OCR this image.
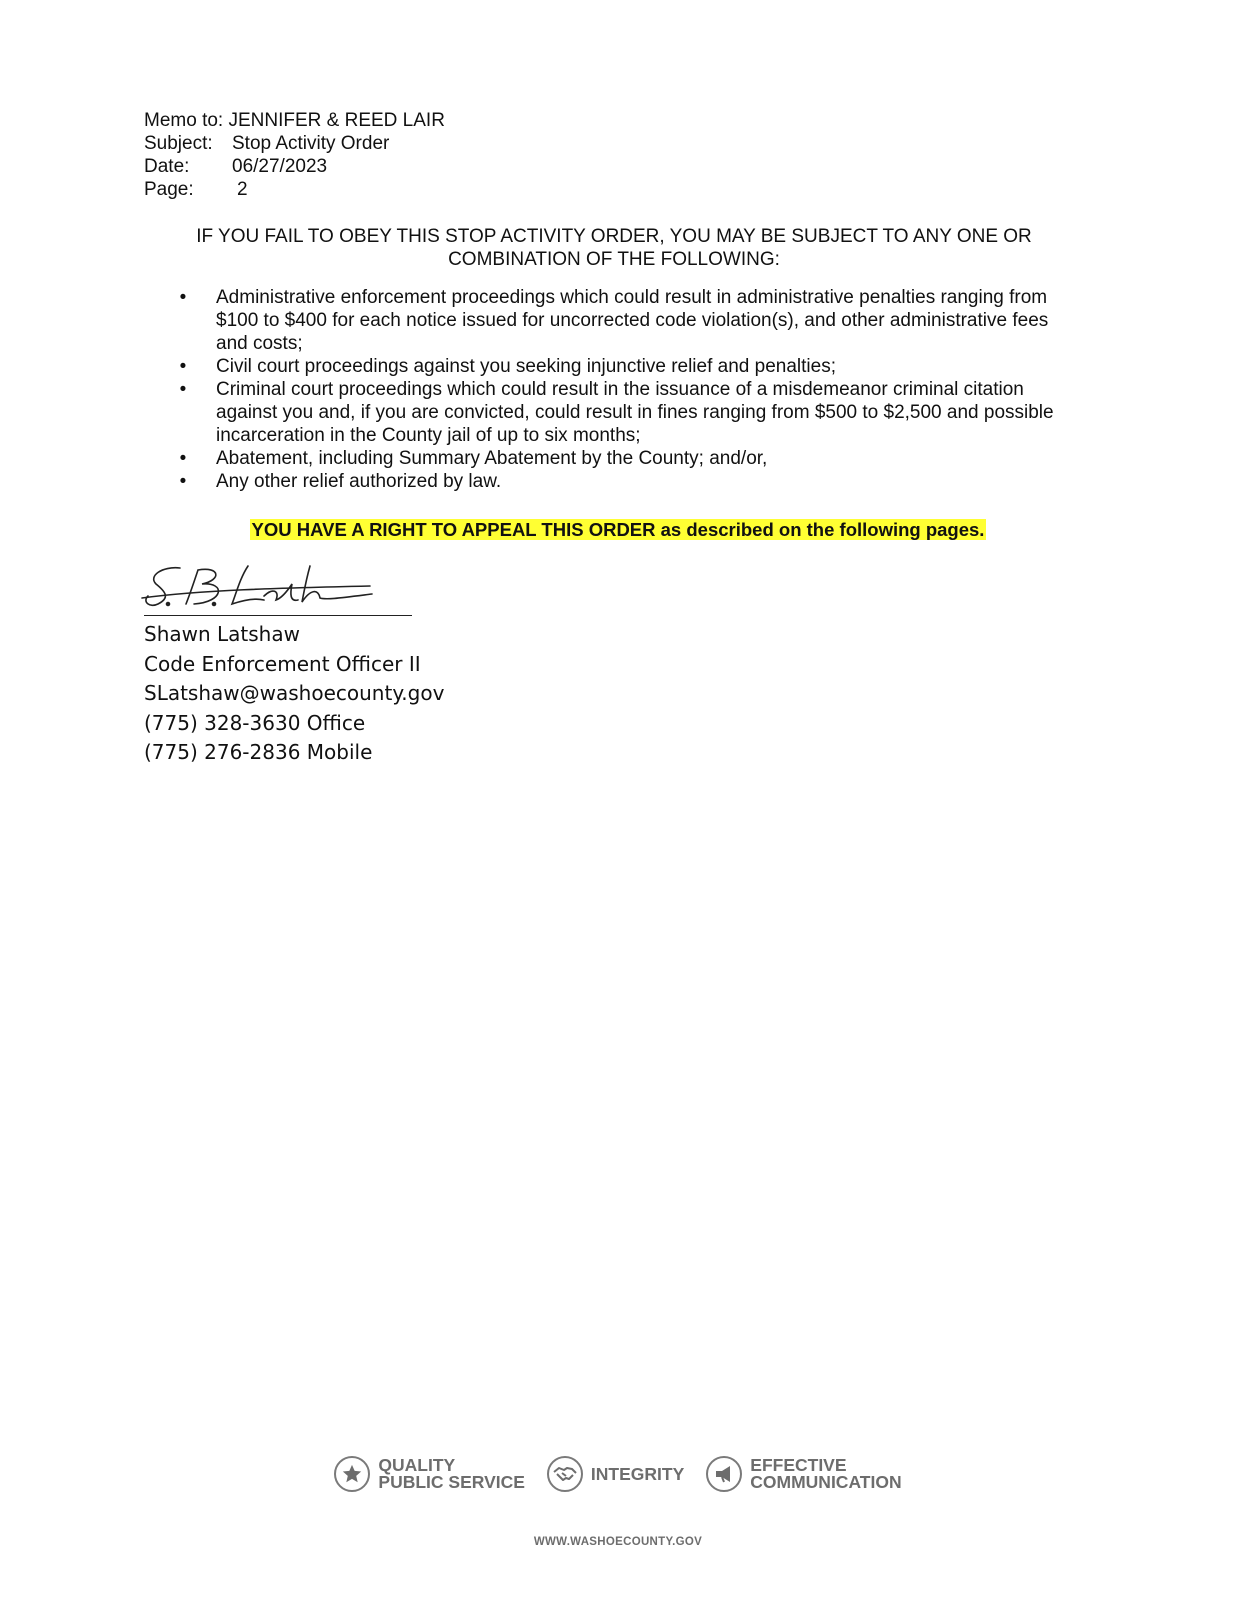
Memo to:
JENNIFER & REED LAIR
Subject:	Stop Activity Order
Date:	06/27/2023
Page:	2
IF YOU FAIL TO OBEY THIS STOP ACTIVITY ORDER, YOU MAY BE SUBJECT TO ANY ONE OR
COMBINATION OF THE FOLLOWING:
• Administrative enforcement proceedings which could result in administrative penalties ranging from $100 to $400 for each notice issued for uncorrected code violation(s), and other administrative fees and costs;
• Civil court proceedings against you seeking injunctive relief and penalties;
• Criminal court proceedings which could result in the issuance of a misdemeanor criminal citation against you and, if you are convicted, could result in fines ranging from $500 to $2,500 and possible incarceration in the County jail of up to six months;
• Abatement, including Summary Abatement by the County; and/or,
• Any other relief authorized by law.
YOU HAVE A RIGHT TO APPEAL THIS ORDER as described on the following pages.
Shawn Latshaw
Code Enforcement Officer II
SLatshaw@washoecounty.gov
(775) 328-3630 Office
(775) 276-2836 Mobile
QUALITY
PUBLIC SERVICE	INTEGRITY	EFFECTIVE
COMMUNICATION
WWW.WASHOECOUNTY.GOV
